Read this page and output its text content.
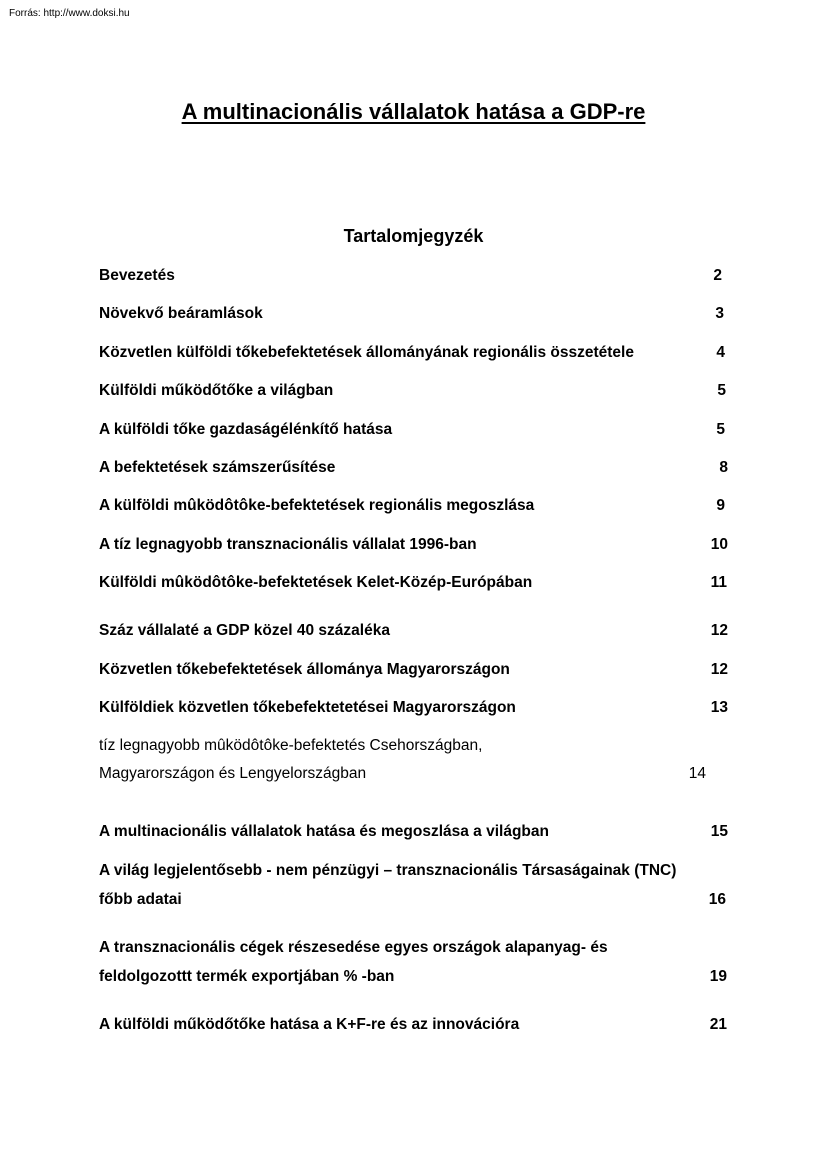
Forrás: http://www.doksi.hu
A multinacionális vállalatok hatása a GDP-re
Tartalomjegyzék
Bevezetés	2
Növekvő beáramlások	3
Közvetlen külföldi tőkebefektetések állományának regionális összetétele	4
Külföldi működőtőke a világban	5
A külföldi tőke gazdaságélénkítő hatása	5
A befektetések számszerűsítése	8
A külföldi mûködôtôke-befektetések regionális megoszlása	9
A tíz legnagyobb transznacionális vállalat 1996-ban	10
Külföldi mûködôtôke-befektetések Kelet-Közép-Európában	11
Száz vállalaté a GDP közel 40 százaléka	12
Közvetlen tőkebefektetések állománya Magyarországon	12
Külföldiek közvetlen tőkebefektetetései Magyarországon	13
tíz legnagyobb mûködôtôke-befektetés Csehországban,
Magyarországon és Lengyelországban	14
A multinacionális vállalatok hatása és megoszlása a világban	15
A világ legjelentősebb - nem pénzügyi – transznacionális Társaságainak (TNC)
főbb adatai	16
A transznacionális cégek részesedése egyes országok alapanyag- és
feldolgozottt termék exportjában % -ban	19
A külföldi működőtőke hatása a K+F-re és az innovációra	21
